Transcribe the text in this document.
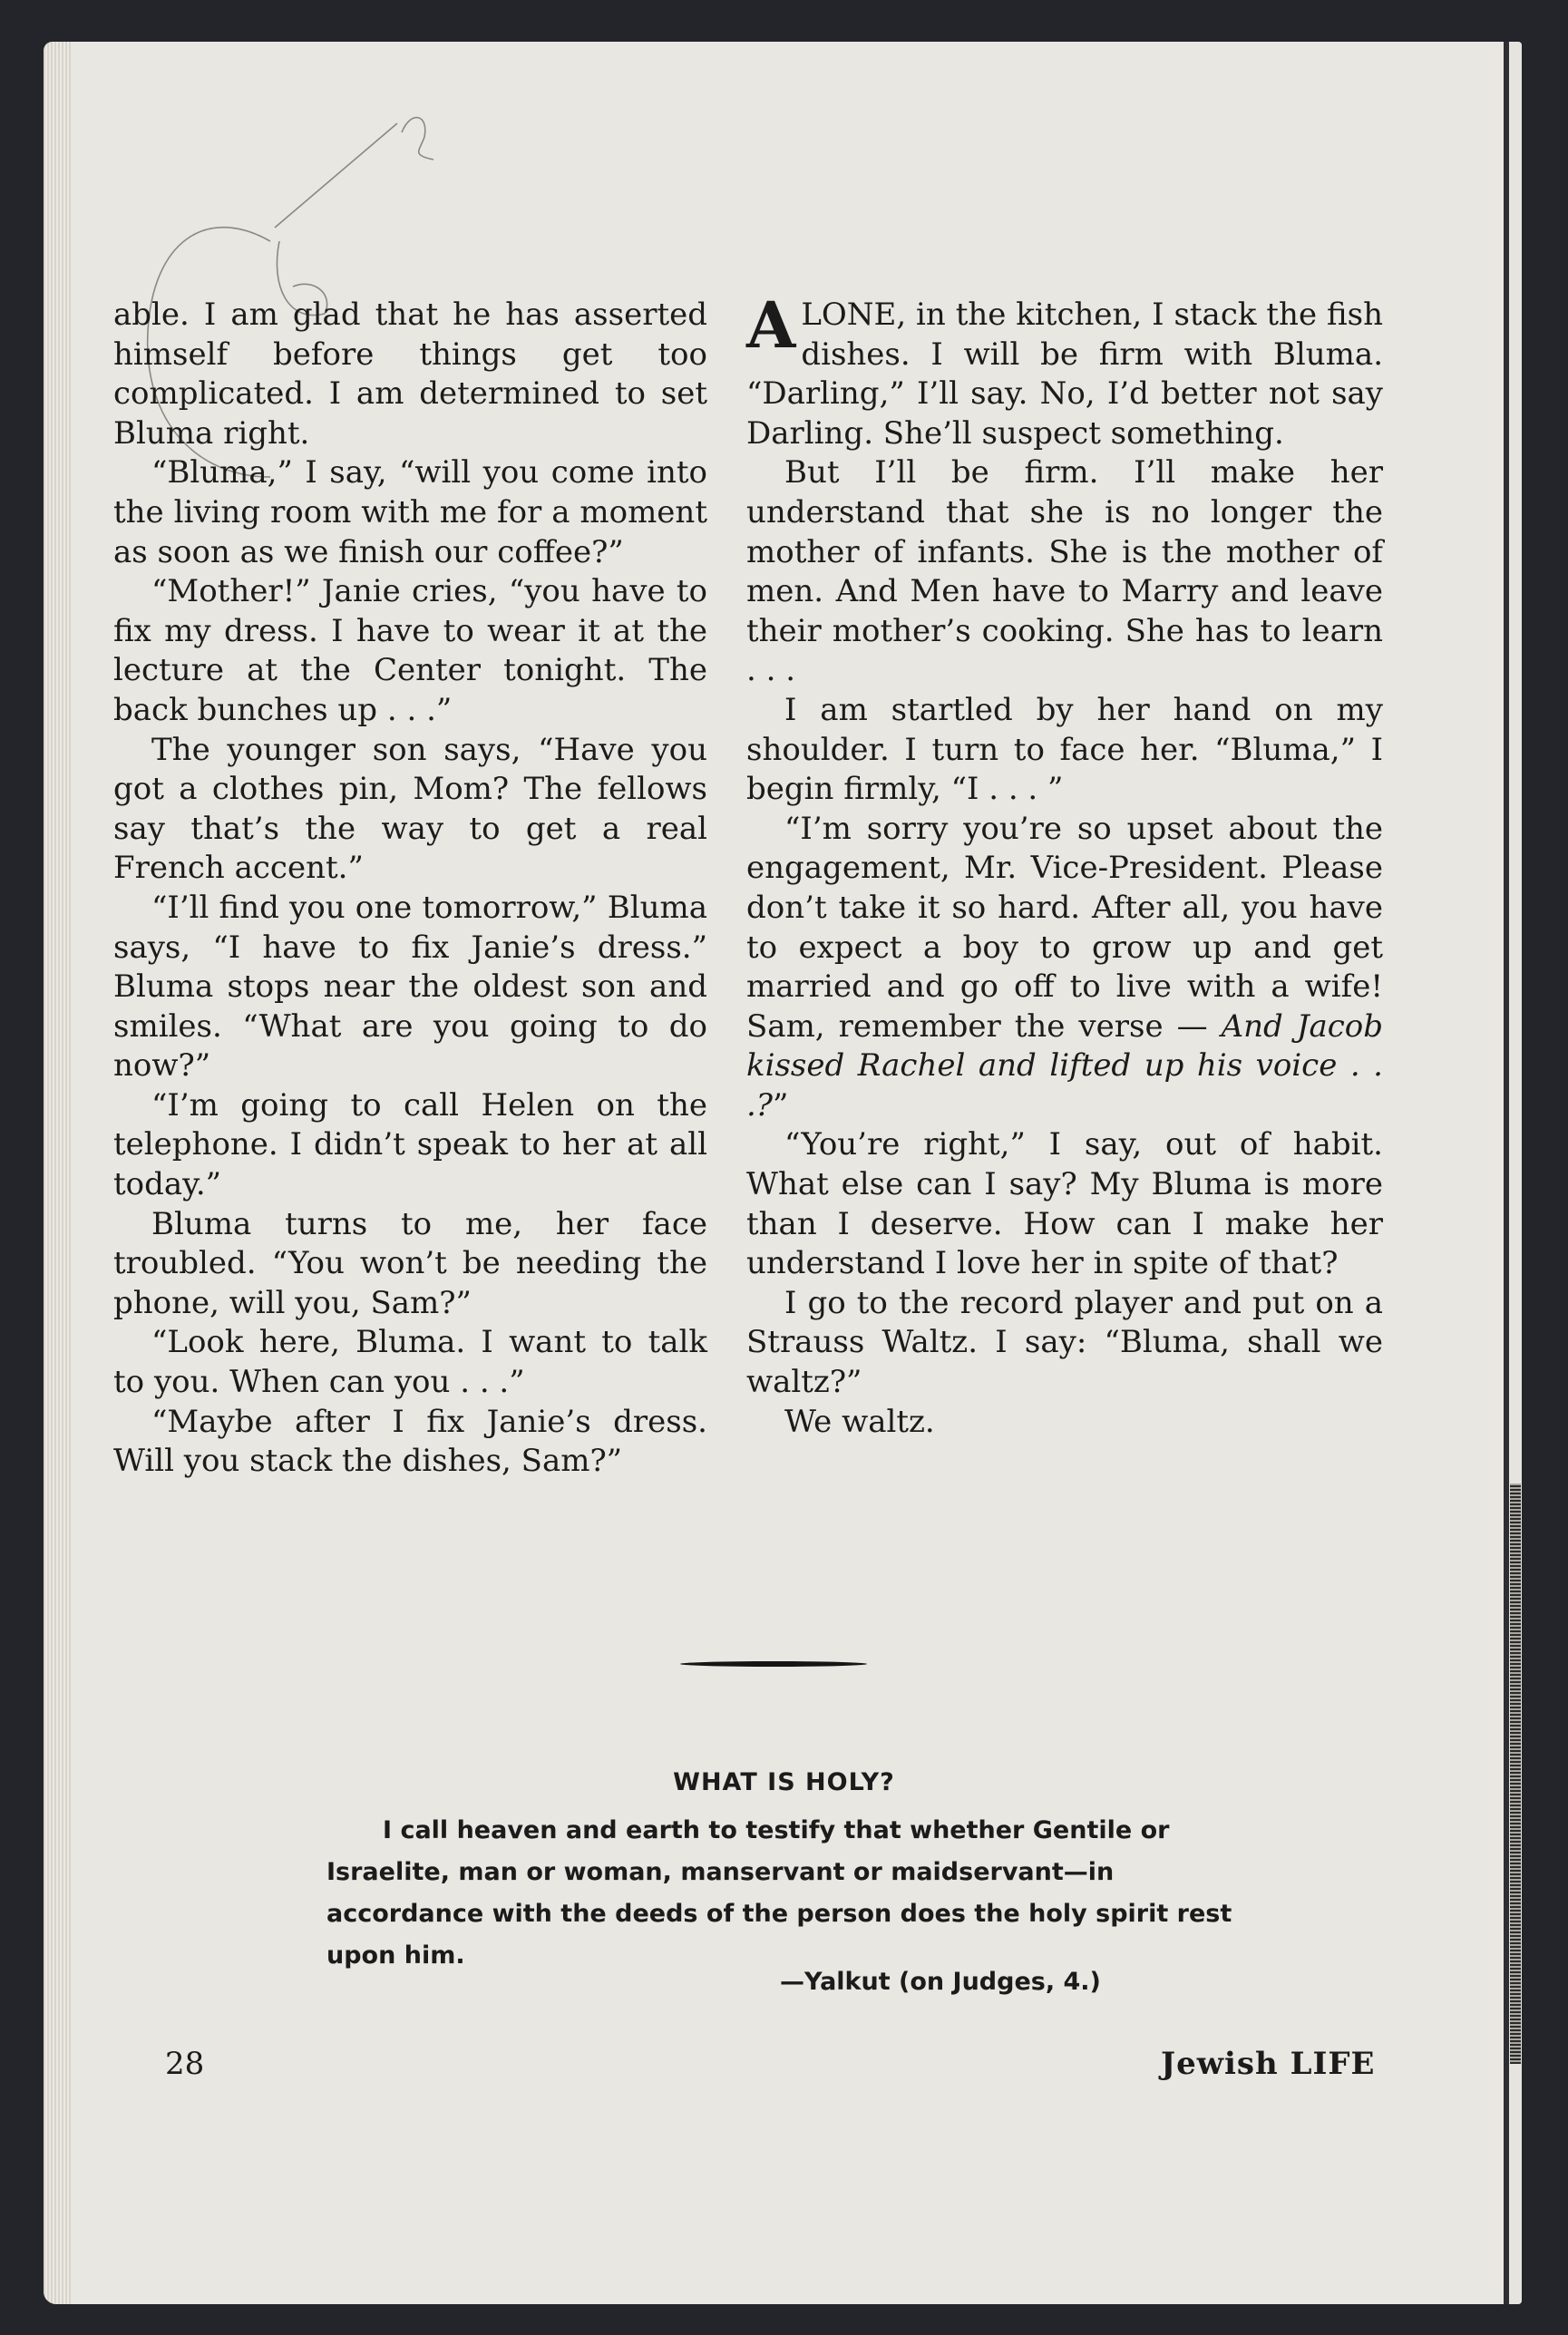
able. I am glad that he has asserted himself before things get too complicated. I am determined to set Bluma right.

“Bluma,” I say, “will you come into the living room with me for a moment as soon as we finish our coffee?”

“Mother!” Janie cries, “you have to fix my dress. I have to wear it at the lecture at the Center tonight. The back bunches up . . .”

The younger son says, “Have you got a clothes pin, Mom? The fellows say that’s the way to get a real French accent.”

“I’ll find you one tomorrow,” Bluma says, “I have to fix Janie’s dress.” Bluma stops near the oldest son and smiles. “What are you going to do now?”

“I’m going to call Helen on the telephone. I didn’t speak to her at all today.”

Bluma turns to me, her face troubled. “You won’t be needing the phone, will you, Sam?”

“Look here, Bluma. I want to talk to you. When can you . . .”

“Maybe after I fix Janie’s dress. Will you stack the dishes, Sam?”

ALONE, in the kitchen, I stack the fish dishes. I will be firm with Bluma. “Darling,” I’ll say. No, I’d better not say Darling. She’ll suspect something.

But I’ll be firm. I’ll make her understand that she is no longer the mother of infants. She is the mother of men. And Men have to Marry and leave their mother’s cooking. She has to learn . . .

I am startled by her hand on my shoulder. I turn to face her. “Bluma,” I begin firmly, “I . . . ”

“I’m sorry you’re so upset about the engagement, Mr. Vice-President. Please don’t take it so hard. After all, you have to expect a boy to grow up and get married and go off to live with a wife! Sam, remember the verse — And Jacob kissed Rachel and lifted up his voice . . .?”

“You’re right,” I say, out of habit. What else can I say? My Bluma is more than I deserve. How can I make her understand I love her in spite of that?

I go to the record player and put on a Strauss Waltz. I say: “Bluma, shall we waltz?”

We waltz.

WHAT IS HOLY?

I call heaven and earth to testify that whether Gentile or Israelite, man or woman, manservant or maidservant—in accordance with the deeds of the person does the holy spirit rest upon him.

—Yalkut (on Judges, 4.)
28	Jewish LIFE
